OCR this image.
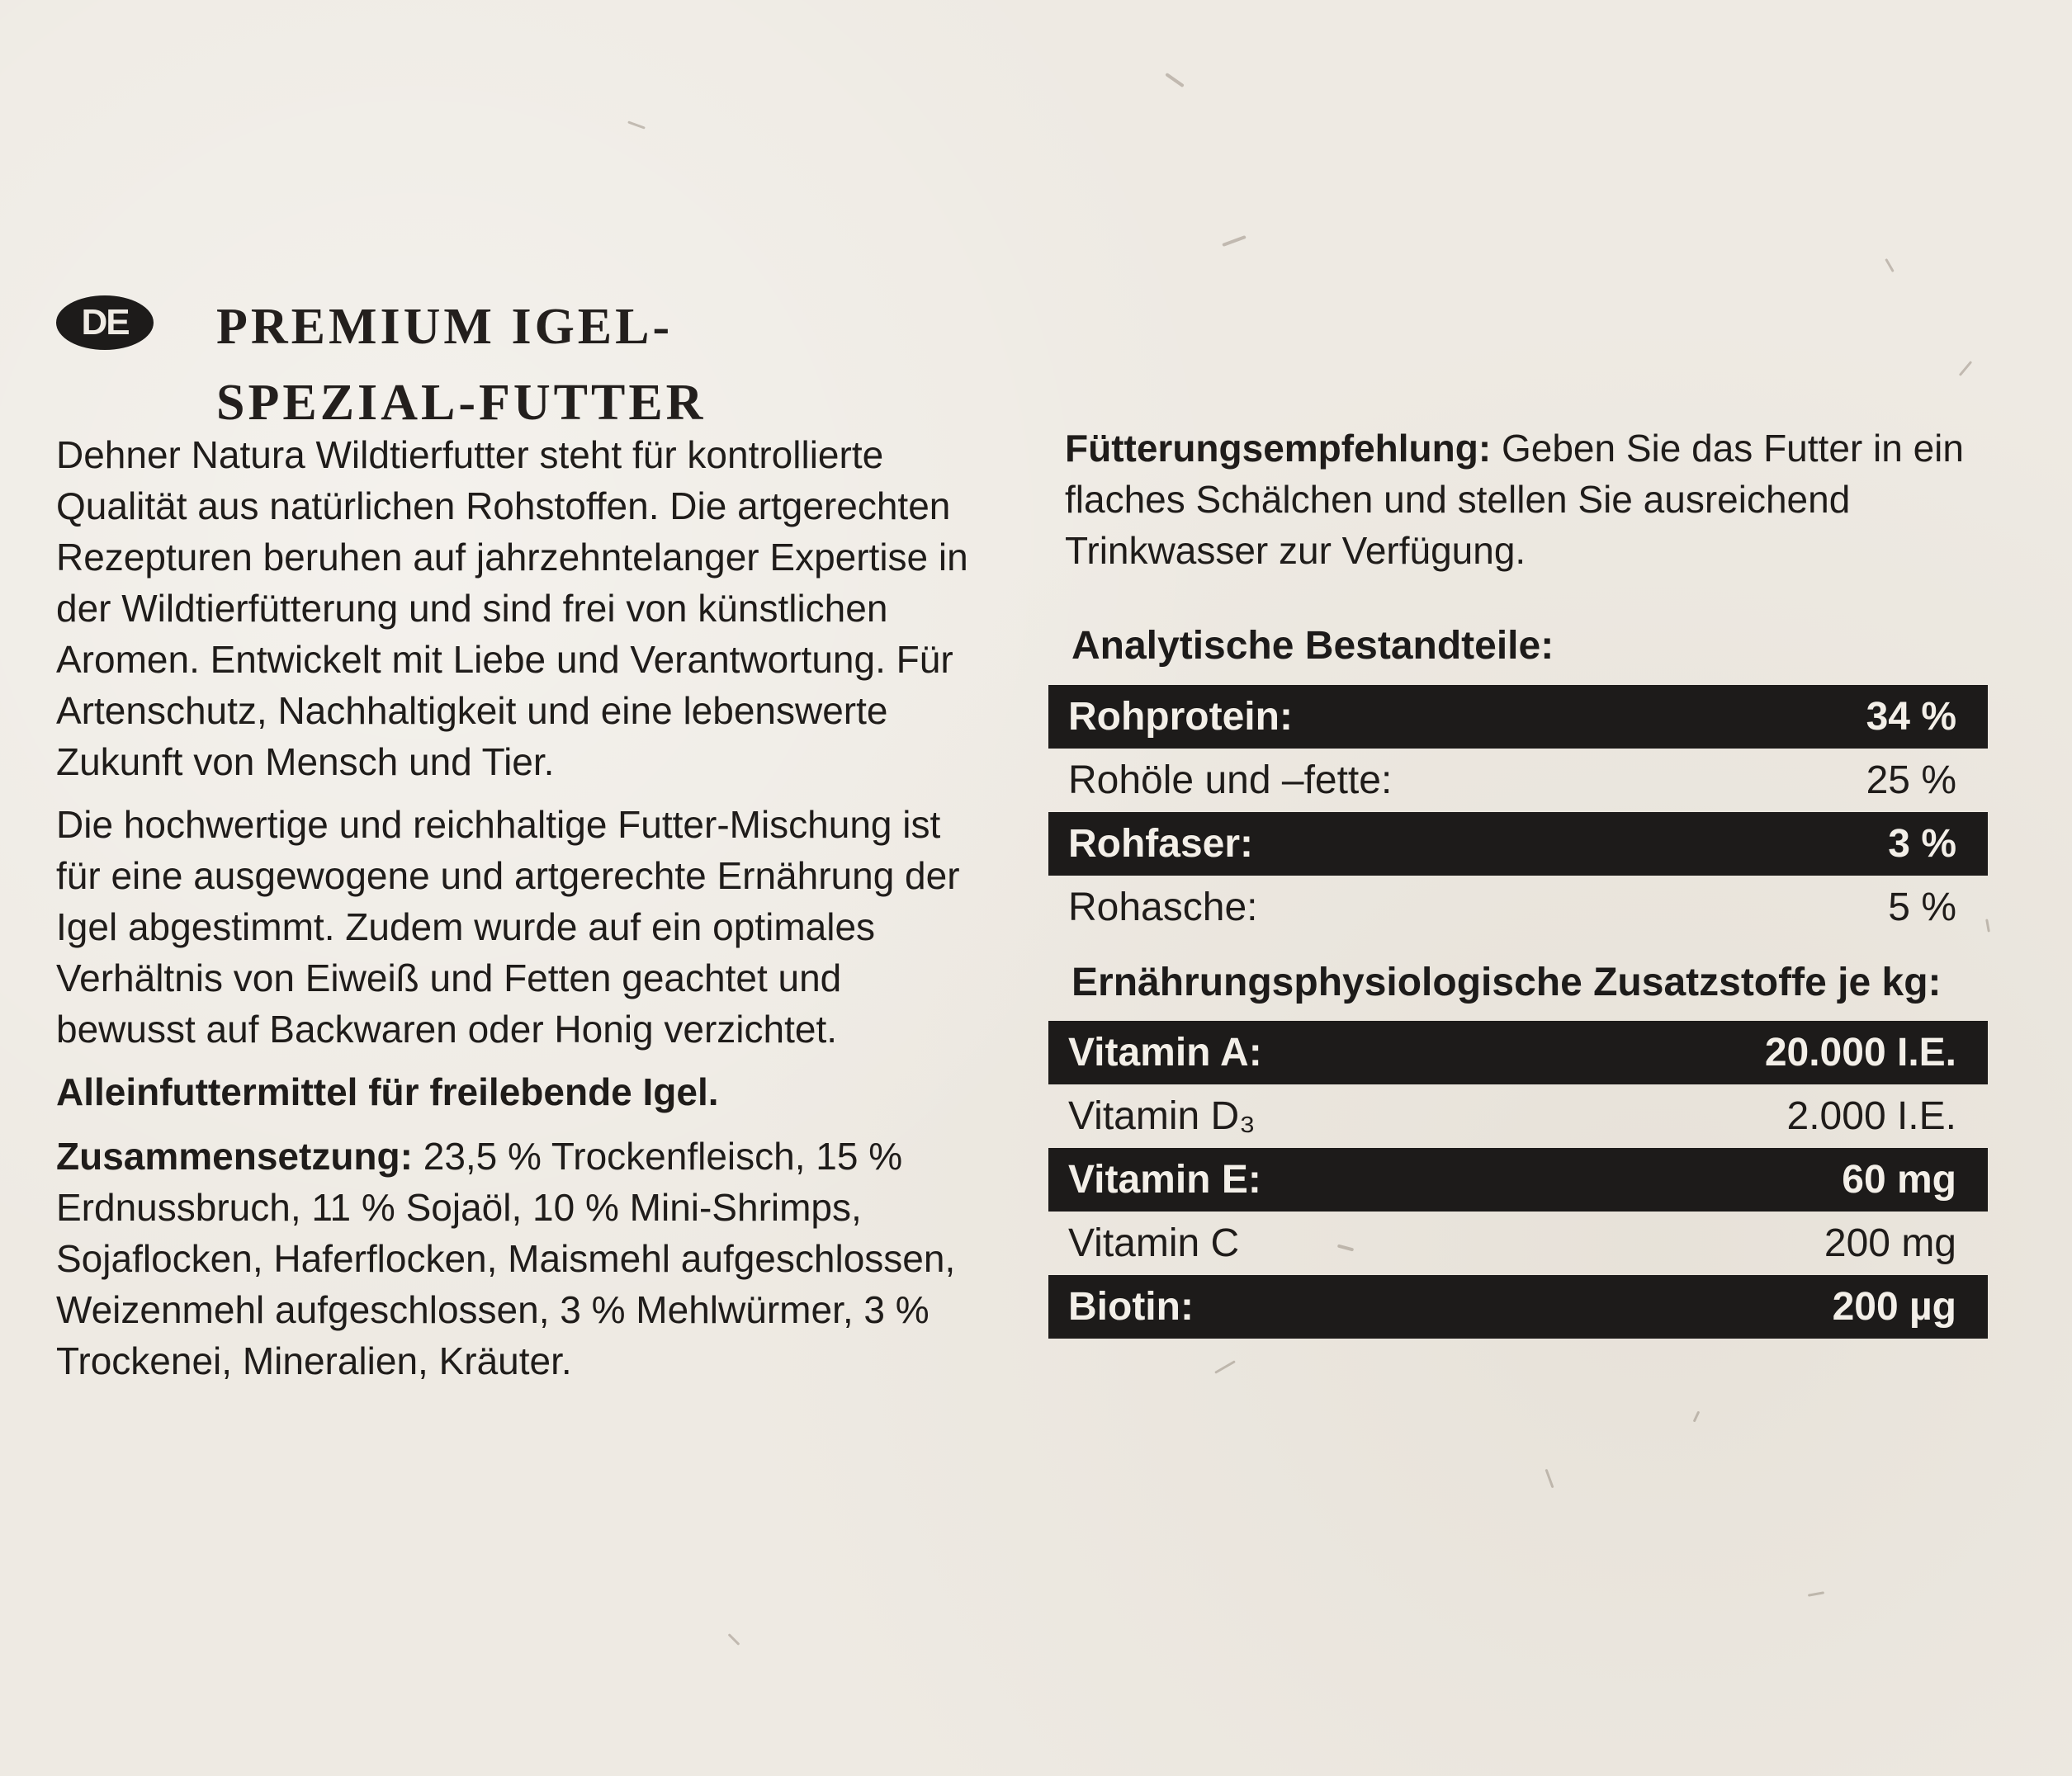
DE	PREMIUM IGEL-
SPEZIAL-FUTTER

Dehner Natura Wildtierfutter steht für kontrollierte Qualität aus natürlichen Rohstoffen. Die artgerechten Rezepturen beruhen auf jahrzehntelanger Expertise in der Wildtierfütterung und sind frei von künstlichen Aromen. Entwickelt mit Liebe und Verantwortung. Für Artenschutz, Nachhaltigkeit und eine lebenswerte Zukunft von Mensch und Tier.

Die hochwertige und reichhaltige Futter-Mischung ist für eine ausgewogene und artgerechte Ernährung der Igel abgestimmt. Zudem wurde auf ein optimales Verhältnis von Eiweiß und Fetten geachtet und bewusst auf Backwaren oder Honig verzichtet.

Alleinfuttermittel für freilebende Igel.

Zusammensetzung: 23,5 % Trockenfleisch, 15 % Erdnussbruch, 11 % Sojaöl, 10 % Mini-Shrimps, Sojaflocken, Haferflocken, Maismehl aufgeschlossen, Weizenmehl aufgeschlossen, 3 % Mehlwürmer, 3 % Trockenei, Mineralien, Kräuter.

Fütterungsempfehlung: Geben Sie das Futter in ein flaches Schälchen und stellen Sie ausreichend Trinkwasser zur Verfügung.

Analytische Bestandteile:
Rohprotein:	34 %
Rohöle und –fette:	25 %
Rohfaser:	3 %
Rohasche:	5 %
Ernährungsphysiologische Zusatzstoffe je kg:
Vitamin A:	20.000 I.E.
Vitamin D₃	2.000 I.E.
Vitamin E:	60 mg
Vitamin C	200 mg
Biotin:	200 µg
